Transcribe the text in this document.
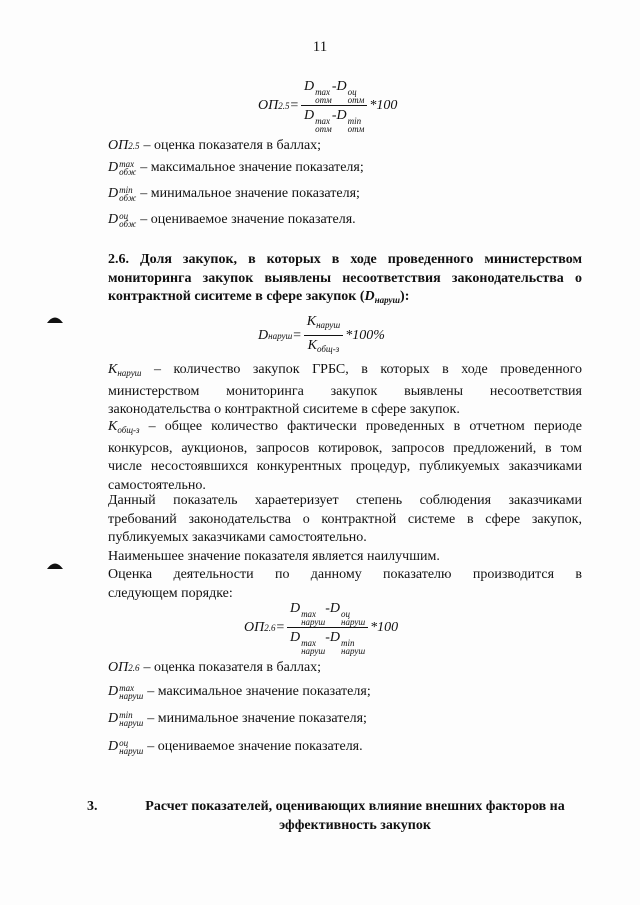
11
ОП 2.5 = D max
отм
-D оц
отм
D max
отм
-D min
отм *100
ОП 2.5 – оценка показателя в баллах;
D max
обж – максимальное значение показателя;
D min
обж – минимальное значение показателя;
D оц
обж – оцениваемое значение показателя.
2.6. Доля закупок, в которых в ходе проведенного министерством
мониторинга закупок выявлены несоответствия законодательства о
контрактной сиситеме в сфере закупок $(D_{наруш})$:
D наруш = $\frac{K_{наруш}}{K_{общ-з}} *100\%$
$K_{наруш}$ – количество закупок ГРБС, в которых в ходе проведенного
министерством мониторинга закупок выявлены несоответствия
законодательства о контрактной сиситеме в сфере закупок.
$K_{общ-з}$ – общее количество фактически проведенных в отчетном периоде
конкурсов, аукционов, запросов котировок, запросов предложений, в том
числе несостоявшихся конкурентных процедур, публикуемых заказчиками
самостоятельно.
Данный показатель хараетеризует степень соблюдения заказчиками
требований законодательства о контрактной системе в сфере закупок,
публикуемых заказчиками самостоятельно.
Наименьшее значение показателя является наилучшим.
Оценка деятельности по данному показателю производится в
следующем порядке:
ОП 2.6 = D max
наруш
-D оц
наруш
D max
наруш
-D min
наруш *100
ОП 2.6 – оценка показателя в баллах;
D max
наруш – максимальное значение показателя;
D min
наруш – минимальное значение показателя;
D оц
наруш – оцениваемое значение показателя.
3.	Расчет показателей, оценивающих влияние внешних факторов на
эффективность закупок
